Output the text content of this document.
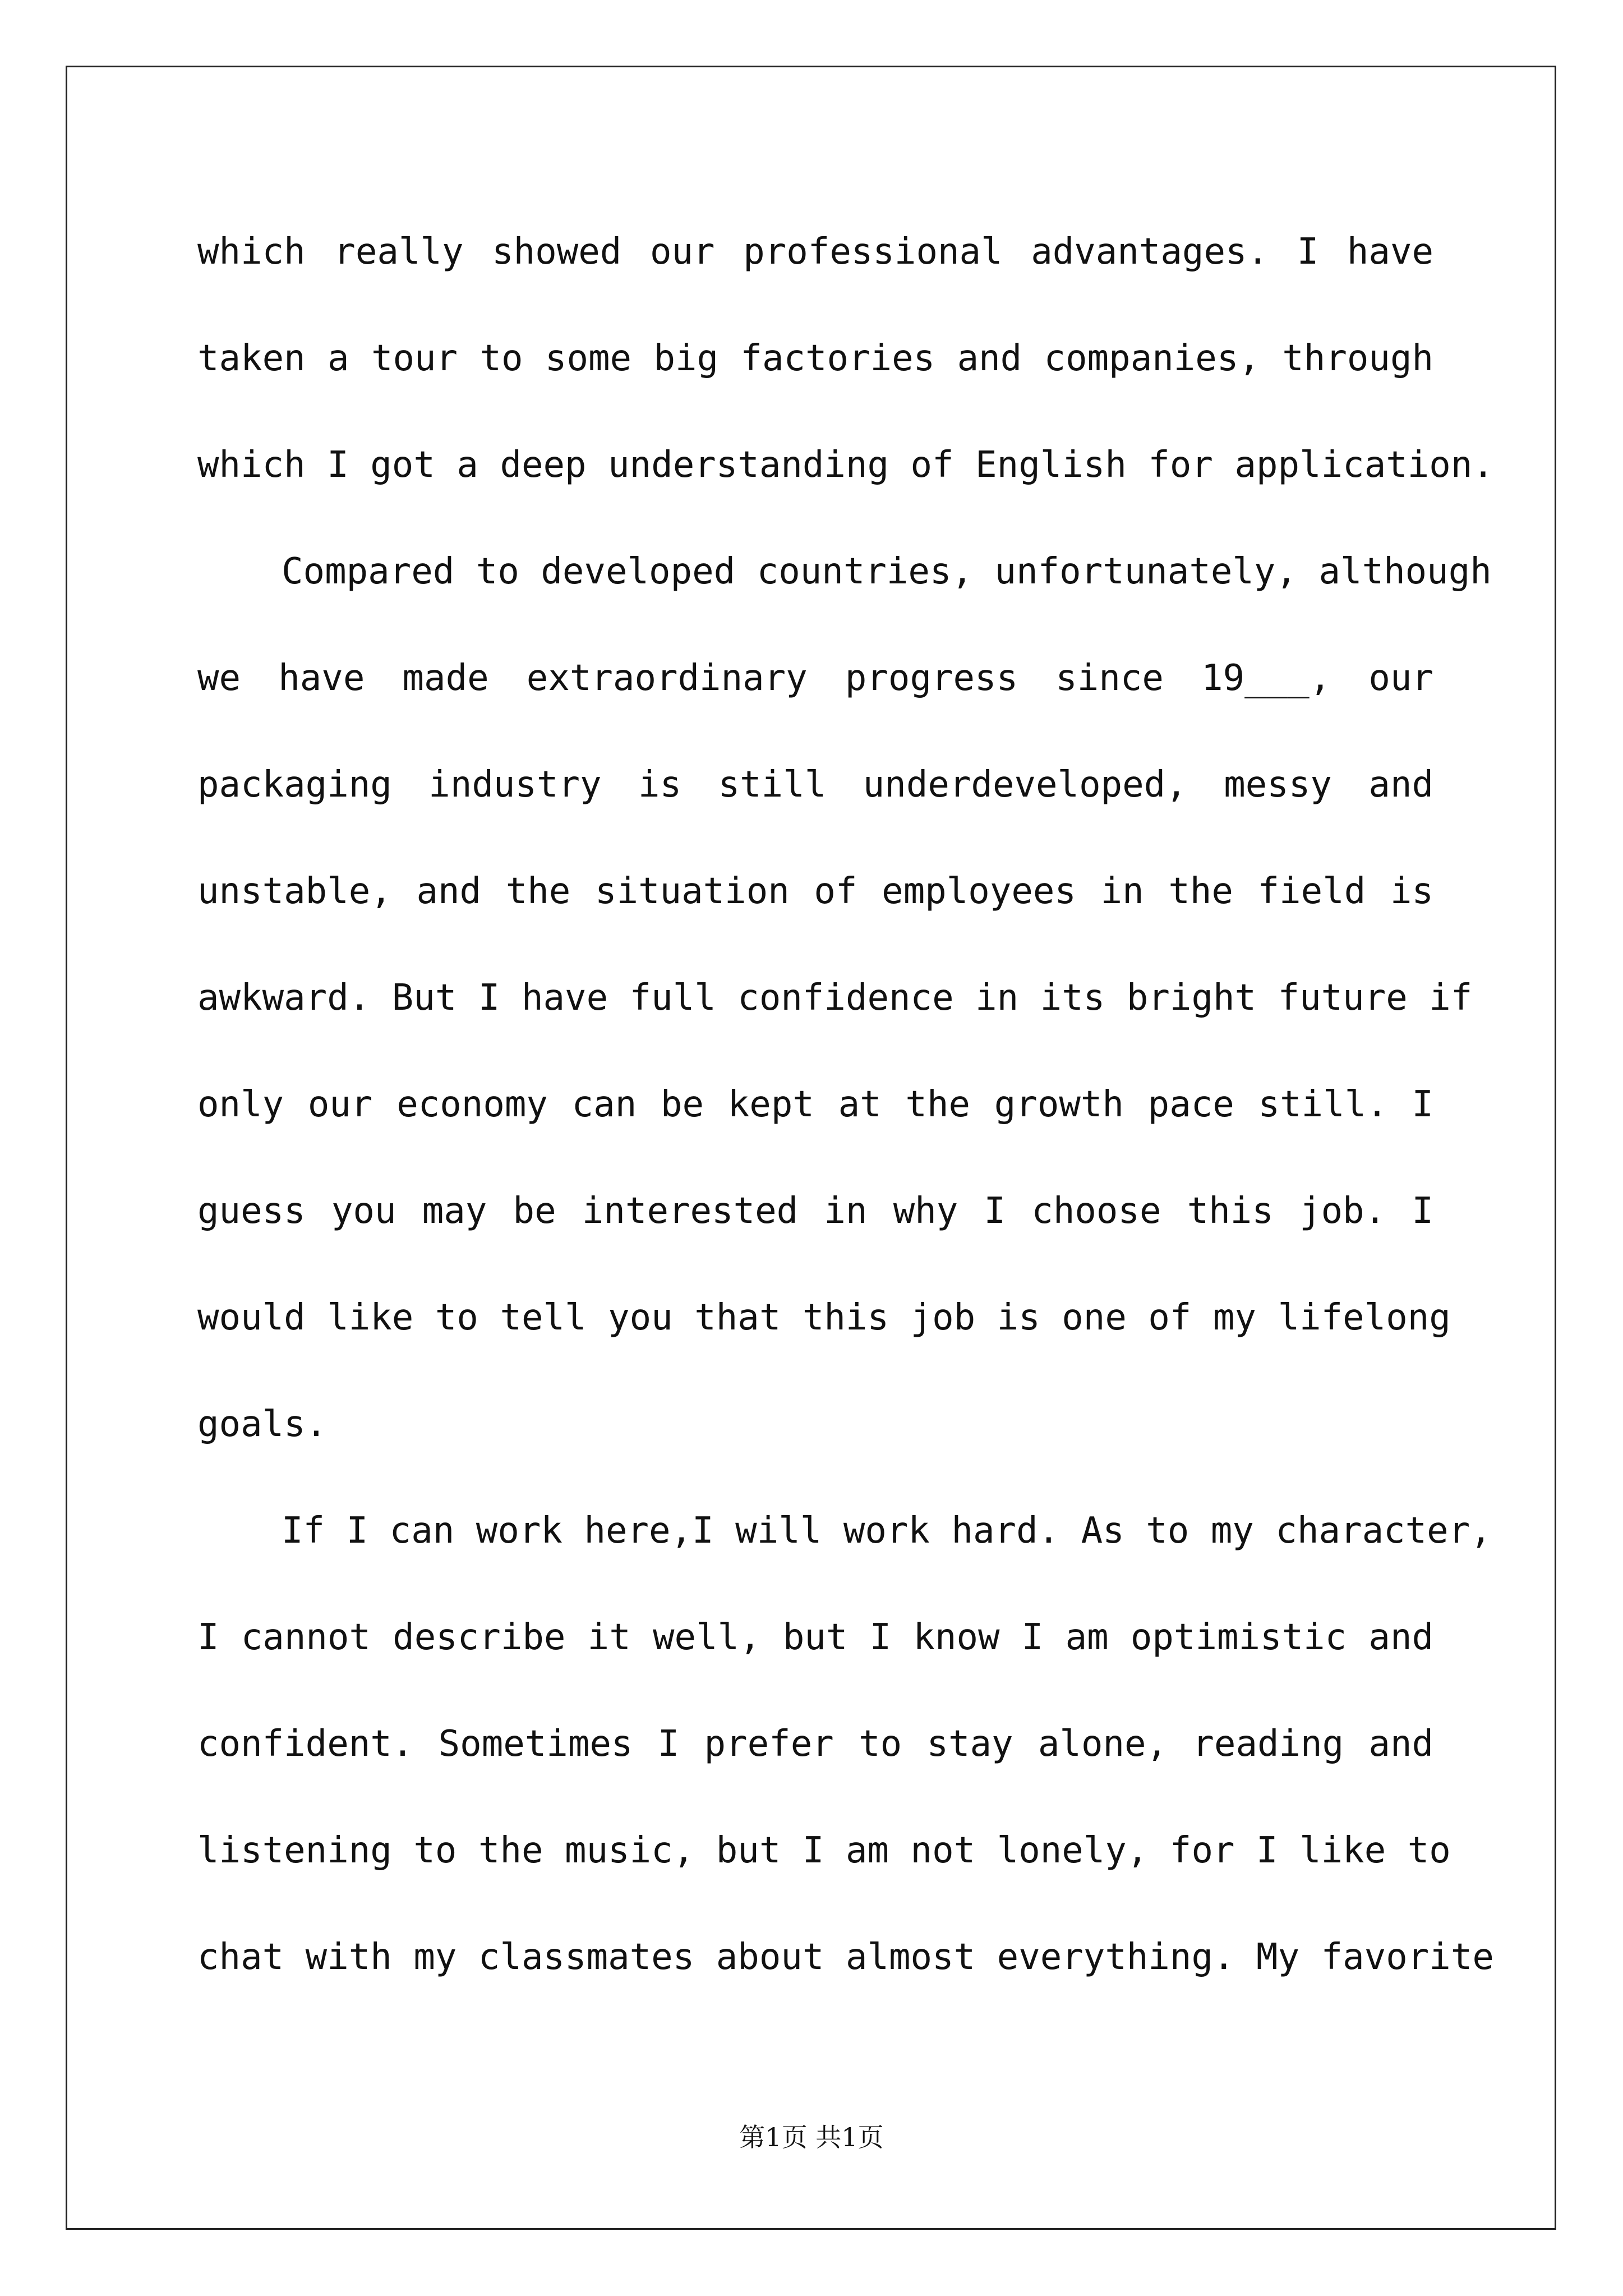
which really showed our professional advantages. I have
taken a tour to some big factories and companies, through
which I got a deep understanding of English for application.
Compared to developed countries, unfortunately, although
we have made extraordinary progress since 19___, our
packaging industry is still underdeveloped, messy and
unstable, and the situation of employees in the field is
awkward. But I have full confidence in its bright future if
only our economy can be kept at the growth pace still. I
guess you may be interested in why I choose this job. I
would like to tell you that this job is one of my lifelong
goals.
If I can work here,I will work hard. As to my character,
I cannot describe it well, but I know I am optimistic and
confident. Sometimes I prefer to stay alone, reading and
listening to the music, but I am not lonely, for I like to
chat with my classmates about almost everything. My favorite
第1页 共1页
